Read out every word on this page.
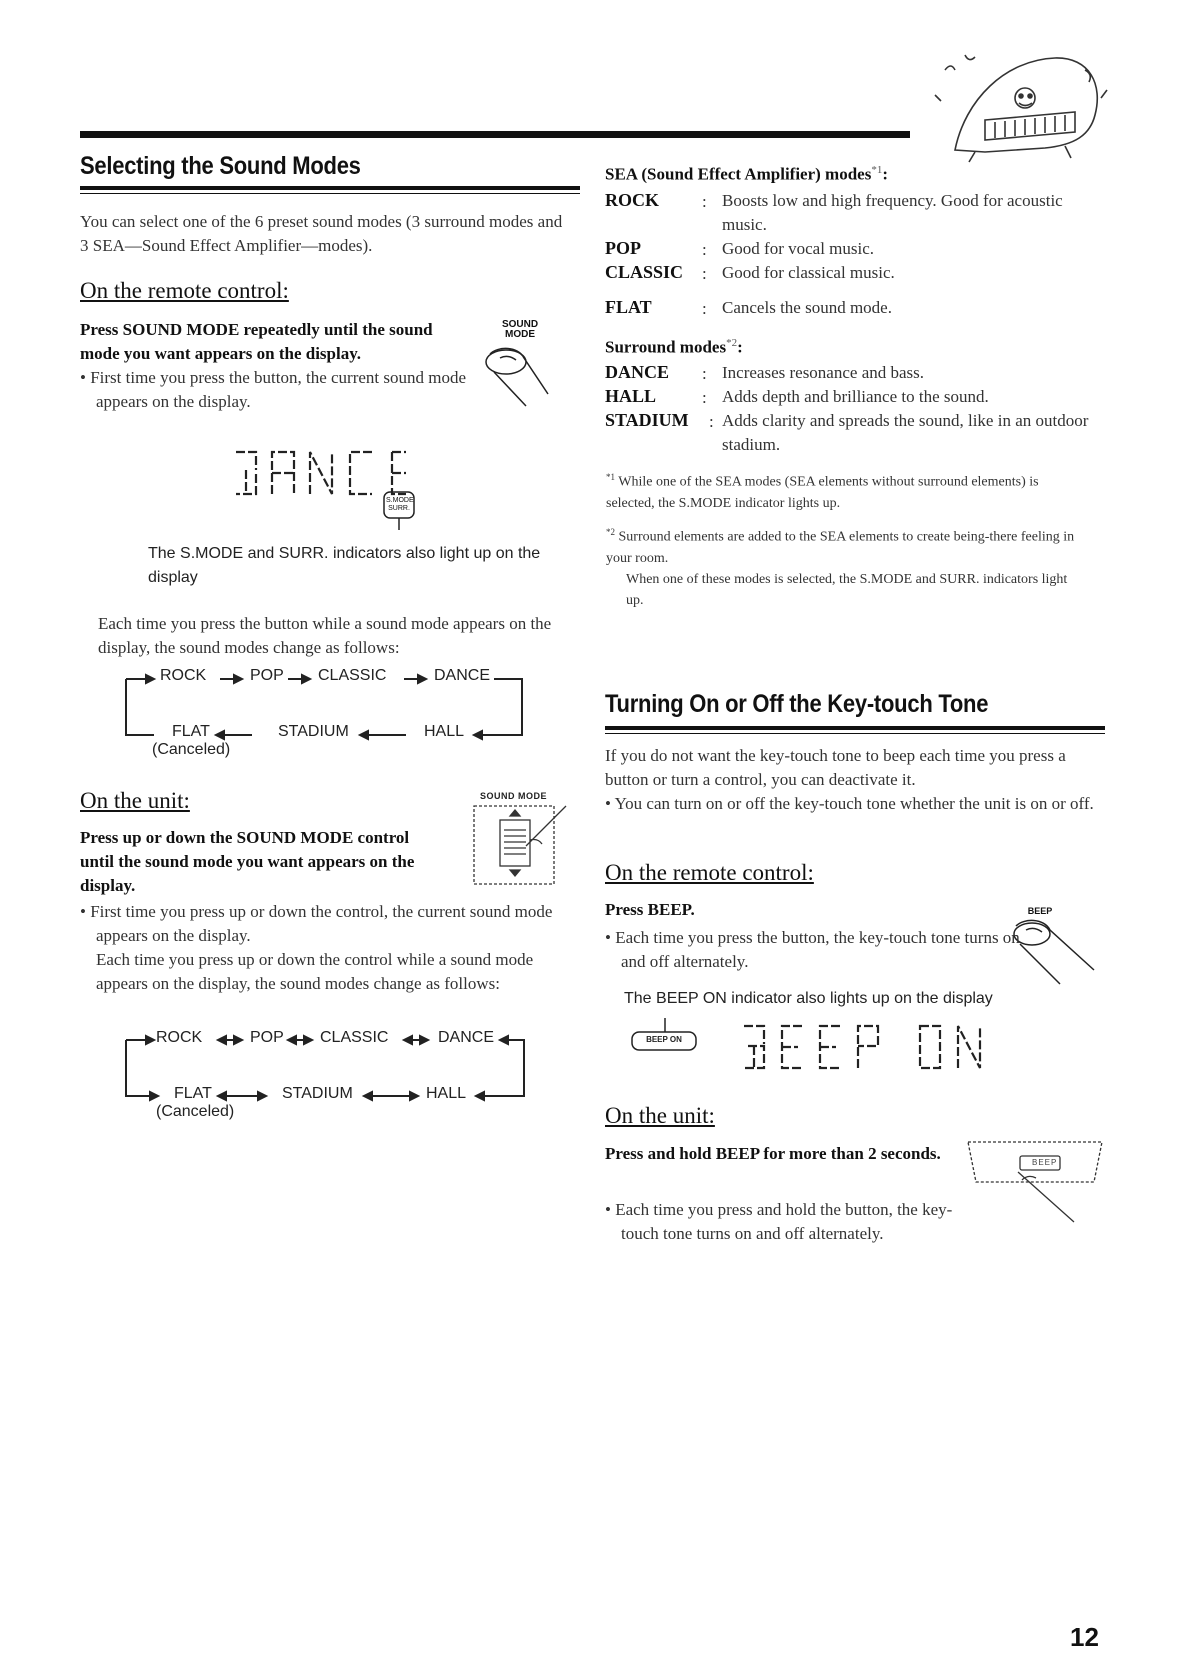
Selecting the Sound Modes
You can select one of the 6 preset sound modes (3 surround modes and 3 SEA—Sound Effect Amplifier—modes).
On the remote control:
Press SOUND MODE repeatedly until the sound mode you want appears on the display.
• First time you press the button, the current sound mode appears on the display.
SOUND
MODE
DANCE
S.MODE
SURR.
The S.MODE and SURR. indicators also light up on the display
Each time you press the button while a sound mode appears on the display, the sound modes change as follows:
ROCK	POP CLASSIC	DANCE
FLAT	STADIUM	HALL
(Canceled)
On the unit:
Press up or down the SOUND MODE control until the sound mode you want appears on the display.
SOUND MODE
• First time you press up or down the control, the current sound mode appears on the display.
Each time you press up or down the control while a sound mode appears on the display, the sound modes change as follows:
ROCK	POP CLASSIC	DANCE
FLAT	STADIUM	HALL
(Canceled)
SEA (Sound Effect Amplifier) modes$^{*1}$:
ROCK	: Boosts low and high frequency. Good for acoustic music.
POP	: Good for vocal music.
CLASSIC : Good for classical music.
FLAT	: Cancels the sound mode.
Surround modes$^{*2}$:
DANCE : Increases resonance and bass.
HALL	: Adds depth and brilliance to the sound.
STADIUM : Adds clarity and spreads the sound, like in an outdoor stadium.
$^{*1}$ While one of the SEA modes (SEA elements without surround elements) is selected, the S.MODE indicator lights up.
$^{*2}$ Surround elements are added to the SEA elements to create being-there feeling in your room.
When one of these modes is selected, the S.MODE and SURR. indicators light up.
Turning On or Off the Key-touch Tone
If you do not want the key-touch tone to beep each time you press a button or turn a control, you can deactivate it.
• You can turn on or off the key-touch tone whether the unit is on or off.
On the remote control:
Press BEEP.	BEEP
• Each time you press the button, the key-touch tone turns on and off alternately.
The BEEP ON indicator also lights up on the display
BEEP ON
BEEP ON
On the unit:
Press and hold BEEP for more than 2 seconds.	BEEP
• Each time you press and hold the button, the key-touch tone turns on and off alternately.
12
